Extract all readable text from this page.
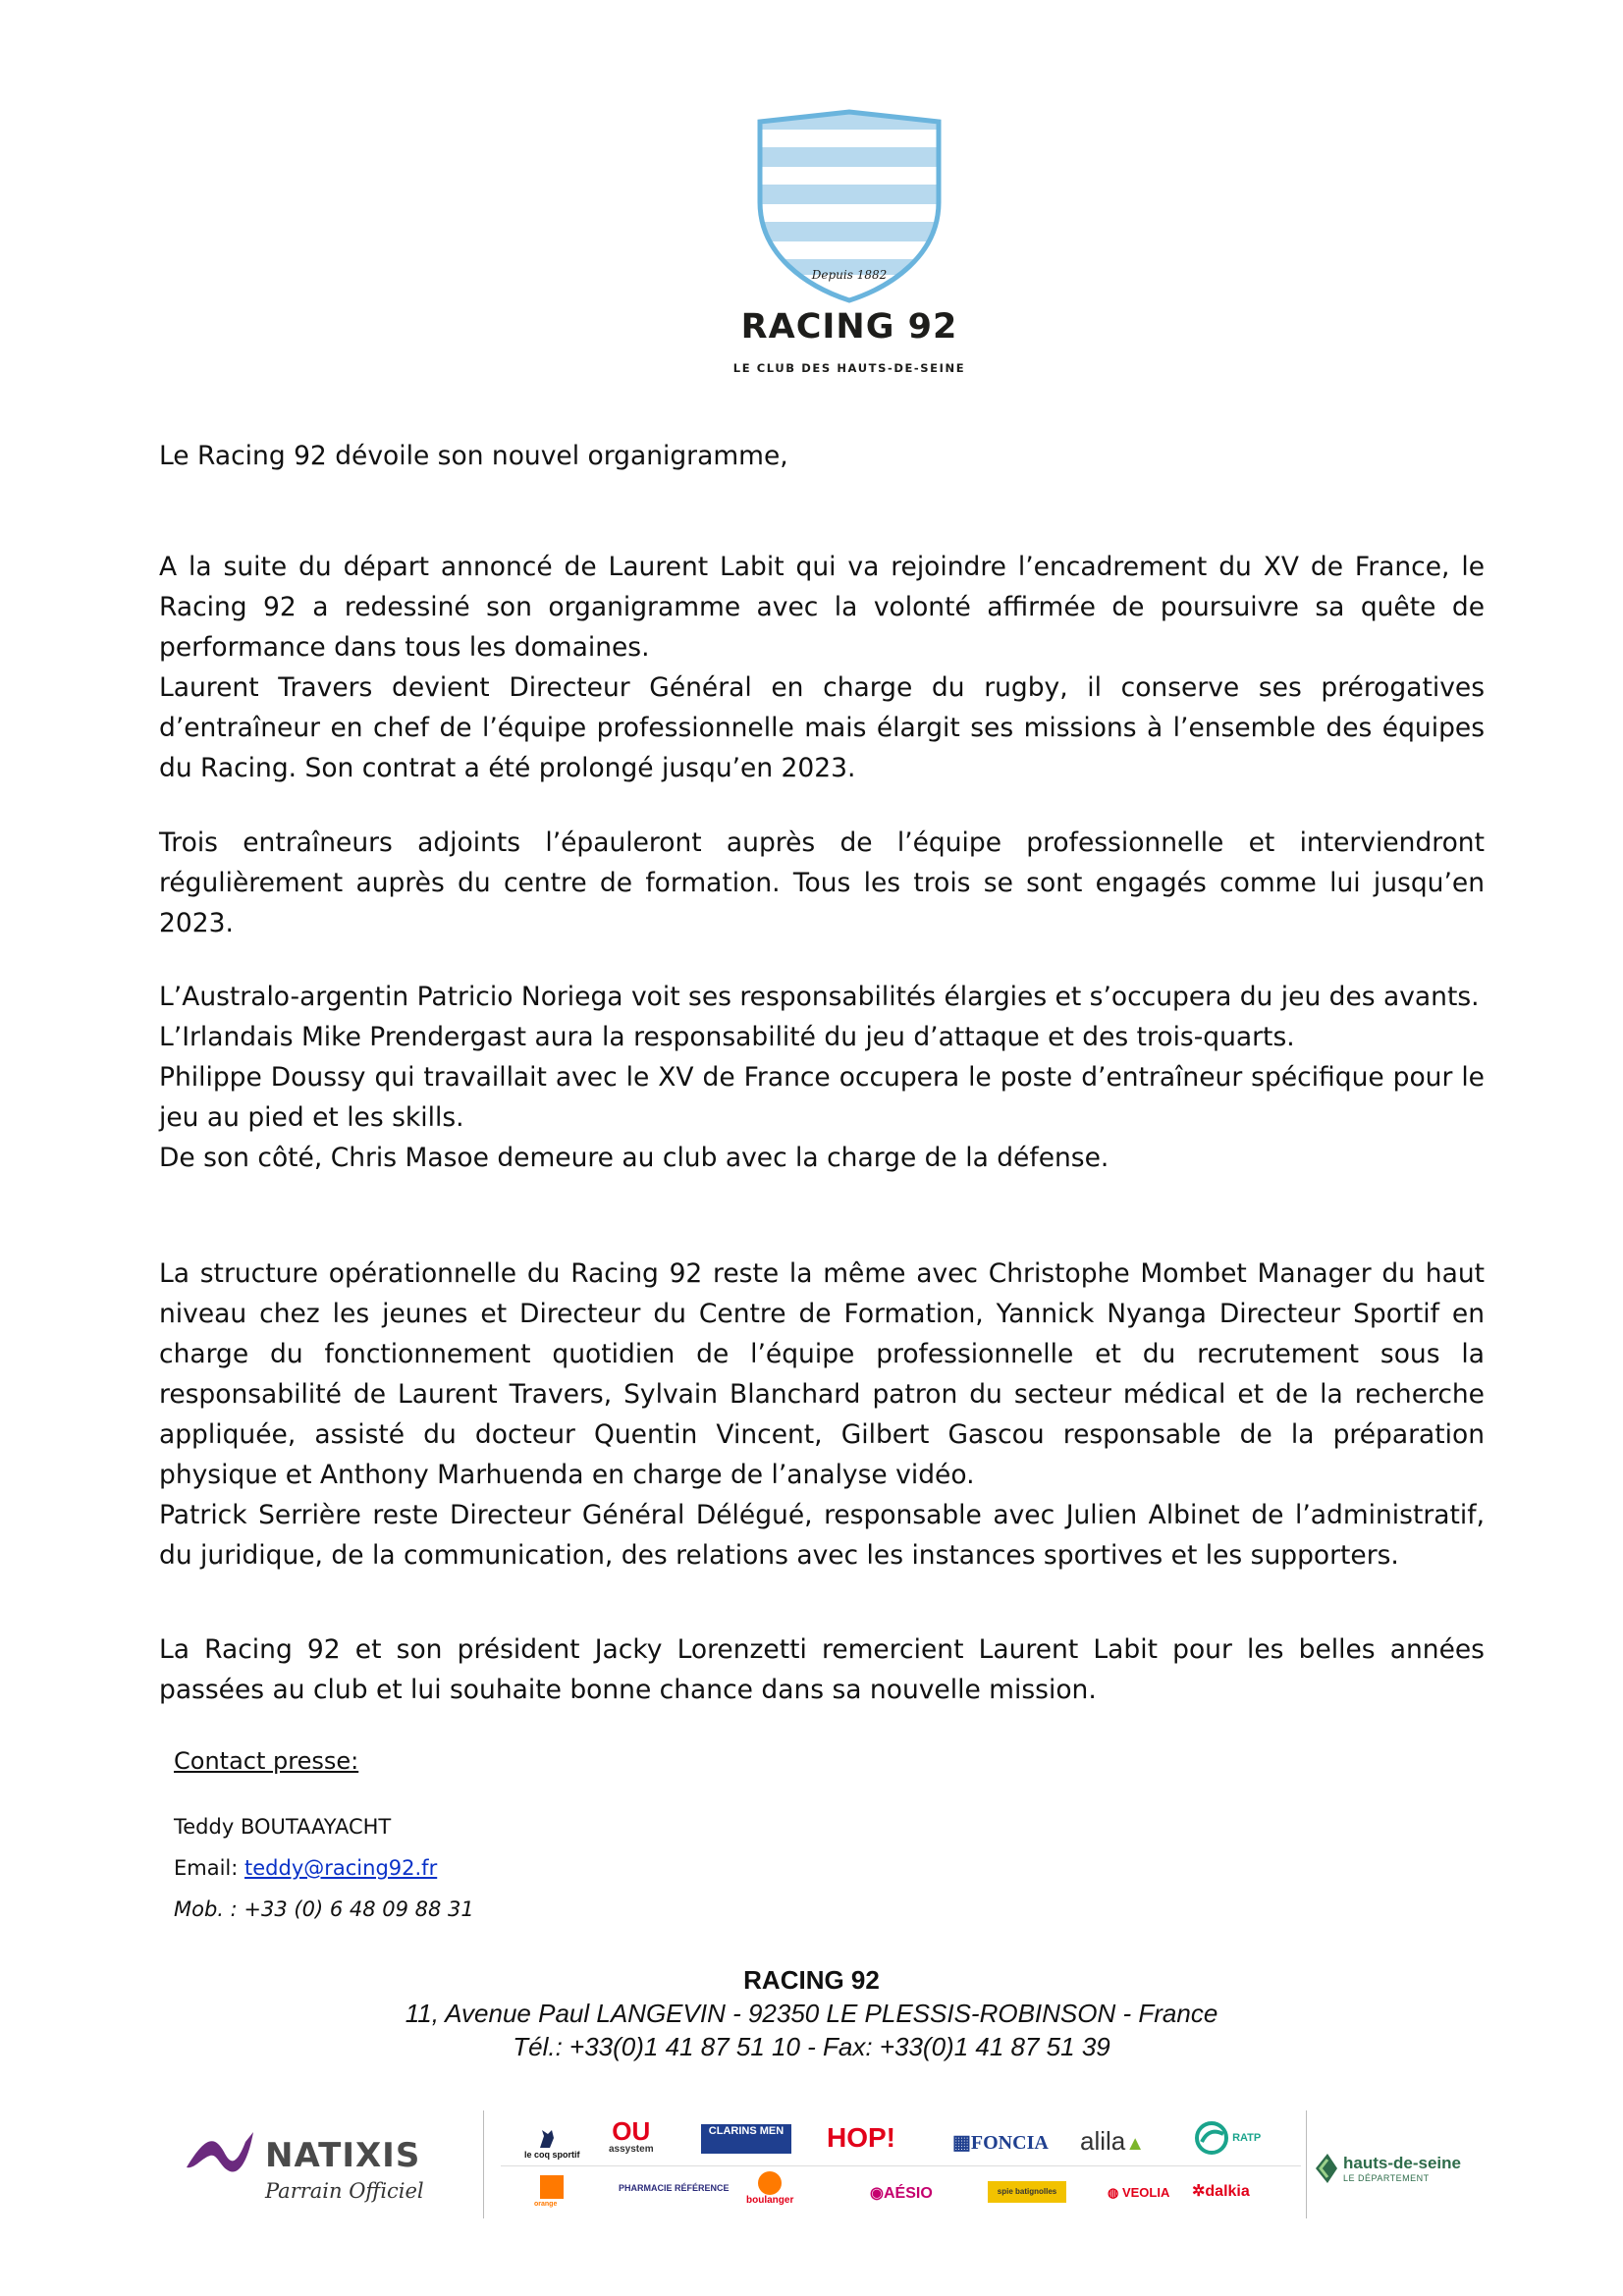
Depuis 1882
RACING 92
LE CLUB DES HAUTS-DE-SEINE
Le Racing 92 dévoile son nouvel organigramme,

A la suite du départ annoncé de Laurent Labit qui va rejoindre l’encadrement du XV de France, le Racing 92 a redessiné son organigramme avec la volonté affirmée de poursuivre sa quête de performance dans tous les domaines.

Laurent Travers devient Directeur Général en charge du rugby, il conserve ses prérogatives d’entraîneur en chef de l’équipe professionnelle mais élargit ses missions à l’ensemble des équipes du Racing. Son contrat a été prolongé jusqu’en 2023.

Trois entraîneurs adjoints l’épauleront auprès de l’équipe professionnelle et interviendront régulièrement auprès du centre de formation. Tous les trois se sont engagés comme lui jusqu’en 2023.

L’Australo-argentin Patricio Noriega voit ses responsabilités élargies et s’occupera du jeu des avants.

L’Irlandais Mike Prendergast aura la responsabilité du jeu d’attaque et des trois-quarts.

Philippe Doussy qui travaillait avec le XV de France occupera le poste d’entraîneur spécifique pour le jeu au pied et les skills.

De son côté, Chris Masoe demeure au club avec la charge de la défense.

La structure opérationnelle du Racing 92 reste la même avec Christophe Mombet Manager du haut niveau chez les jeunes et Directeur du Centre de Formation, Yannick Nyanga Directeur Sportif en charge du fonctionnement quotidien de l’équipe professionnelle et du recrutement sous la responsabilité de Laurent Travers, Sylvain Blanchard patron du secteur médical et de la recherche appliquée, assisté du docteur Quentin Vincent, Gilbert Gascou responsable de la préparation physique et Anthony Marhuenda en charge de l’analyse vidéo.

Patrick Serrière reste Directeur Général Délégué, responsable avec Julien Albinet de l’administratif, du juridique, de la communication, des relations avec les instances sportives et les supporters.

La Racing 92 et son président Jacky Lorenzetti remercient Laurent Labit pour les belles années passées au club et lui souhaite bonne chance dans sa nouvelle mission.

Contact presse:
Teddy BOUTAAYACHT
Email: teddy@racing92.fr
Mob. : +33 (0) 6 48 09 88 31
RACING 92
11, Avenue Paul LANGEVIN - 92350 LE PLESSIS-ROBINSON - France
Tél.: +33(0)1 41 87 51 10 - Fax: +33(0)1 41 87 51 39
NATIXIS
Parrain Officiel
le coq sportif
OU
assystem
CLARINS MEN HOP!	▦FONCIA alila▲	RATP
orange
PHARMACIE RÉFÉRENCE
boulanger	◉AÉSIO	spie batignolles	◍ VEOLIA ✲dalkia
hauts-de-seine
LE DÉPARTEMENT
